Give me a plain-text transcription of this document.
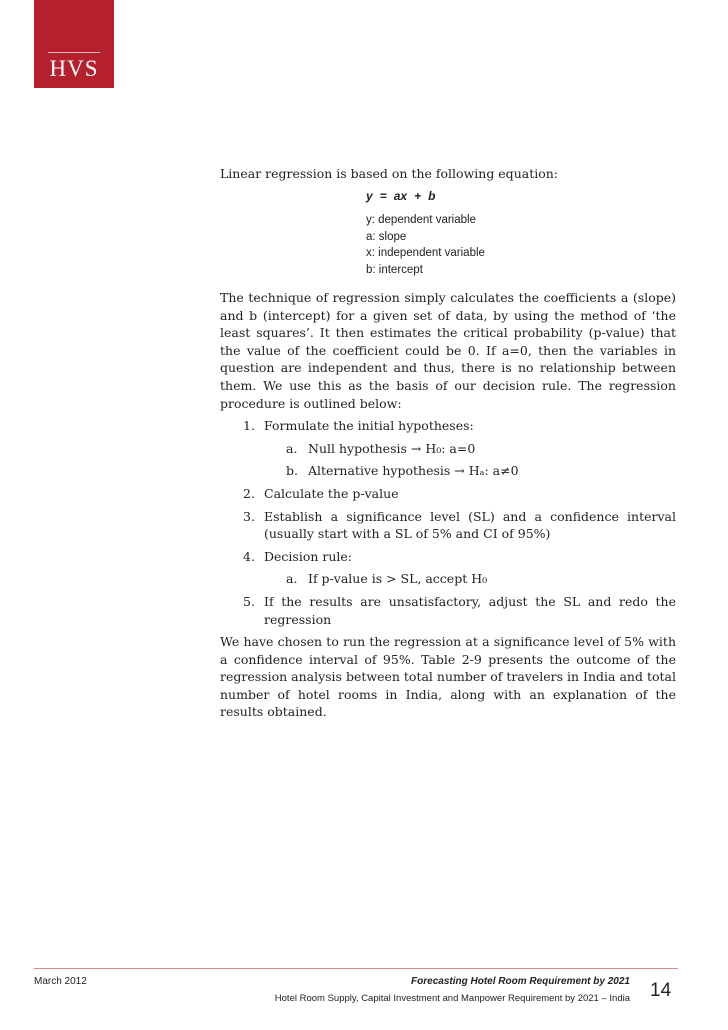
HVS

Linear regression is based on the following equation:

y = ax + b
y: dependent variable
a: slope
x: independent variable
b: intercept

The technique of regression simply calculates the coefficients a (slope) and b (intercept) for a given set of data, by using the method of ‘the least squares’. It then estimates the critical probability (p-value) that the value of the coefficient could be 0. If a=0, then the variables in question are independent and thus, there is no relationship between them. We use this as the basis of our decision rule. The regression procedure is outlined below:

1. Formulate the initial hypotheses:
a. Null hypothesis → H₀: a=0
b. Alternative hypothesis → Hₐ: a≠0
2. Calculate the p-value
3. Establish a significance level (SL) and a confidence interval (usually start with a SL of 5% and CI of 95%)
4. Decision rule:
a. If p-value is > SL, accept H₀
5. If the results are unsatisfactory, adjust the SL and redo the regression

We have chosen to run the regression at a significance level of 5% with a confidence interval of 95%. Table 2-9 presents the outcome of the regression analysis between total number of travelers in India and total number of hotel rooms in India, along with an explanation of the results obtained.

March 2012	Forecasting Hotel Room Requirement by 2021
Hotel Room Supply, Capital Investment and Manpower Requirement by 2021 – India 14
